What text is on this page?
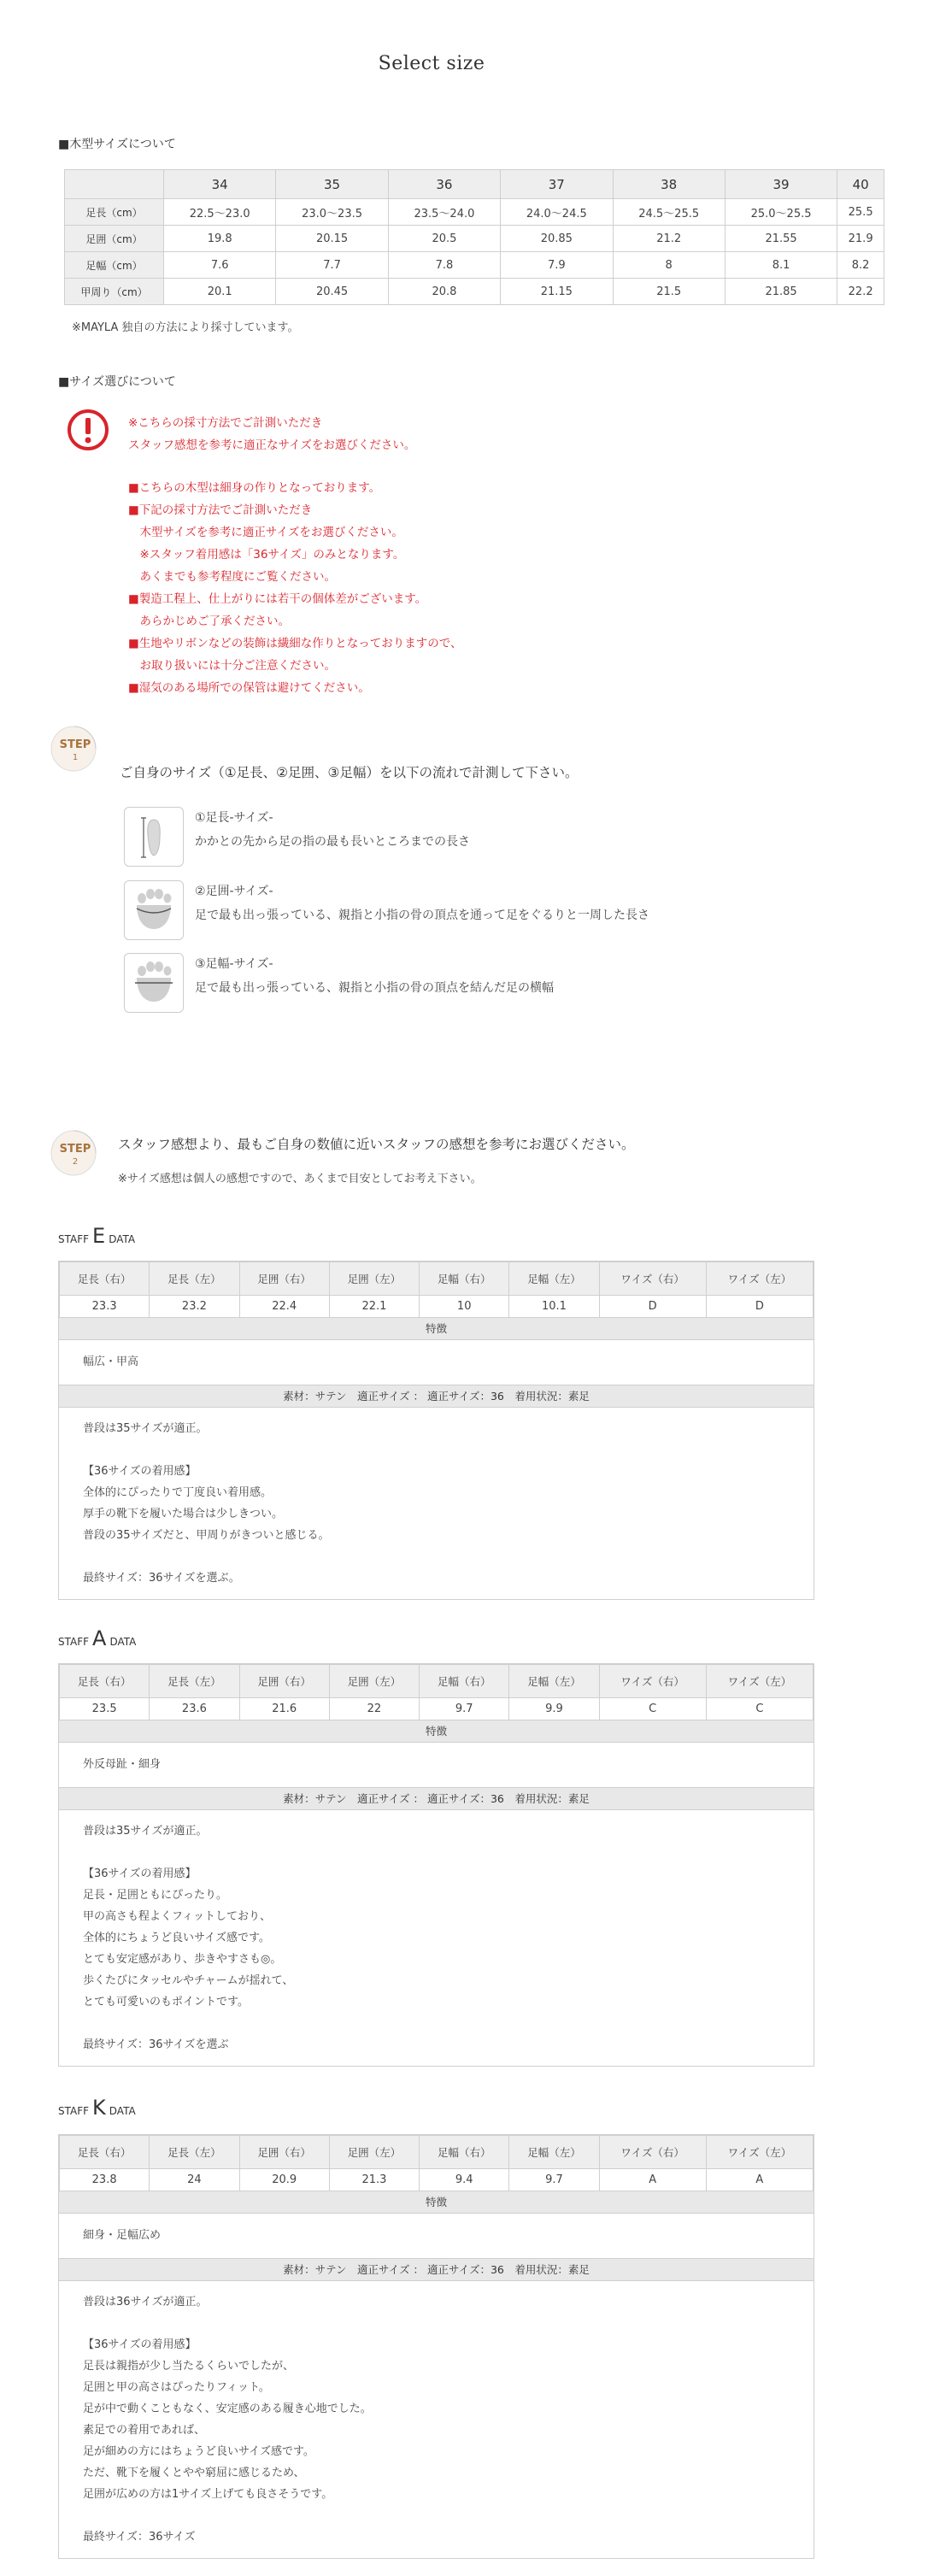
Select size
■木型サイズについて
	34	35	36	37	38	39	40
足長（cm）	22.5～23.0	23.0～23.5	23.5～24.0	24.0～24.5	24.5～25.5	25.0～25.5	25.5
足囲（cm）	19.8	20.15	20.5	20.85	21.2	21.55	21.9
足幅（cm）	7.6	7.7	7.8	7.9	8	8.1	8.2
甲周り（cm）	20.1	20.45	20.8	21.15	21.5	21.85	22.2
※MAYLA 独自の方法により採寸しています。
■サイズ選びについて
※こちらの採寸方法でご計測いただき
スタッフ感想を参考に適正なサイズをお選びください。
■こちらの木型は細身の作りとなっております。
■下記の採寸方法でご計測いただき
　木型サイズを参考に適正サイズをお選びください。
　※スタッフ着用感は「36サイズ」のみとなります。
　あくまでも参考程度にご覧ください。
■製造工程上、仕上がりには若干の個体差がございます。
　あらかじめご了承ください。
■生地やリボンなどの装飾は繊細な作りとなっておりますので、
　お取り扱いには十分ご注意ください。
■湿気のある場所での保管は避けてください。
STEP
1
ご自身のサイズ（①足長、②足囲、③足幅）を以下の流れで計測して下さい。
①足長-サイズ-
かかとの先から足の指の最も長いところまでの長さ
②足囲-サイズ-
足で最も出っ張っている、親指と小指の骨の頂点を通って足をぐるりと一周した長さ
③足幅-サイズ-
足で最も出っ張っている、親指と小指の骨の頂点を結んだ足の横幅
STEP
2
スタッフ感想より、最もご自身の数値に近いスタッフの感想を参考にお選びください。
※サイズ感想は個人の感想ですので、あくまで目安としてお考え下さい。
STAFF E DATA
足長（右）	足長（左）	足囲（右）	足囲（左）	足幅（右）	足幅（左）	ワイズ（右）	ワイズ（左）
23.3	23.2	22.4	22.1	10	10.1	D	D
特徴
幅広・甲高
素材：サテン　適正サイズ ： 適正サイズ：36　着用状況：素足
普段は35サイズが適正。
【36サイズの着用感】
全体的にぴったりで丁度良い着用感。
厚手の靴下を履いた場合は少しきつい。
普段の35サイズだと、甲周りがきついと感じる。
最終サイズ：36サイズを選ぶ。
STAFF A DATA
足長（右）	足長（左）	足囲（右）	足囲（左）	足幅（右）	足幅（左）	ワイズ（右）	ワイズ（左）
23.5	23.6	21.6	22	9.7	9.9	C	C
特徴
外反母趾・細身
素材：サテン　適正サイズ ： 適正サイズ：36　着用状況：素足
普段は35サイズが適正。
【36サイズの着用感】
足長・足囲ともにぴったり。
甲の高さも程よくフィットしており、
全体的にちょうど良いサイズ感です。
とても安定感があり、歩きやすさも◎。
歩くたびにタッセルやチャームが揺れて、
とても可愛いのもポイントです。
最終サイズ：36サイズを選ぶ
STAFF K DATA
足長（右）	足長（左）	足囲（右）	足囲（左）	足幅（右）	足幅（左）	ワイズ（右）	ワイズ（左）
23.8	24	20.9	21.3	9.4	9.7	A	A
特徴
細身・足幅広め
素材：サテン　適正サイズ ： 適正サイズ：36　着用状況：素足
普段は36サイズが適正。
【36サイズの着用感】
足長は親指が少し当たるくらいでしたが、
足囲と甲の高さはぴったりフィット。
足が中で動くこともなく、安定感のある履き心地でした。
素足での着用であれば、
足が細めの方にはちょうど良いサイズ感です。
ただ、靴下を履くとやや窮屈に感じるため、
足囲が広めの方は1サイズ上げても良さそうです。
最終サイズ：36サイズ
